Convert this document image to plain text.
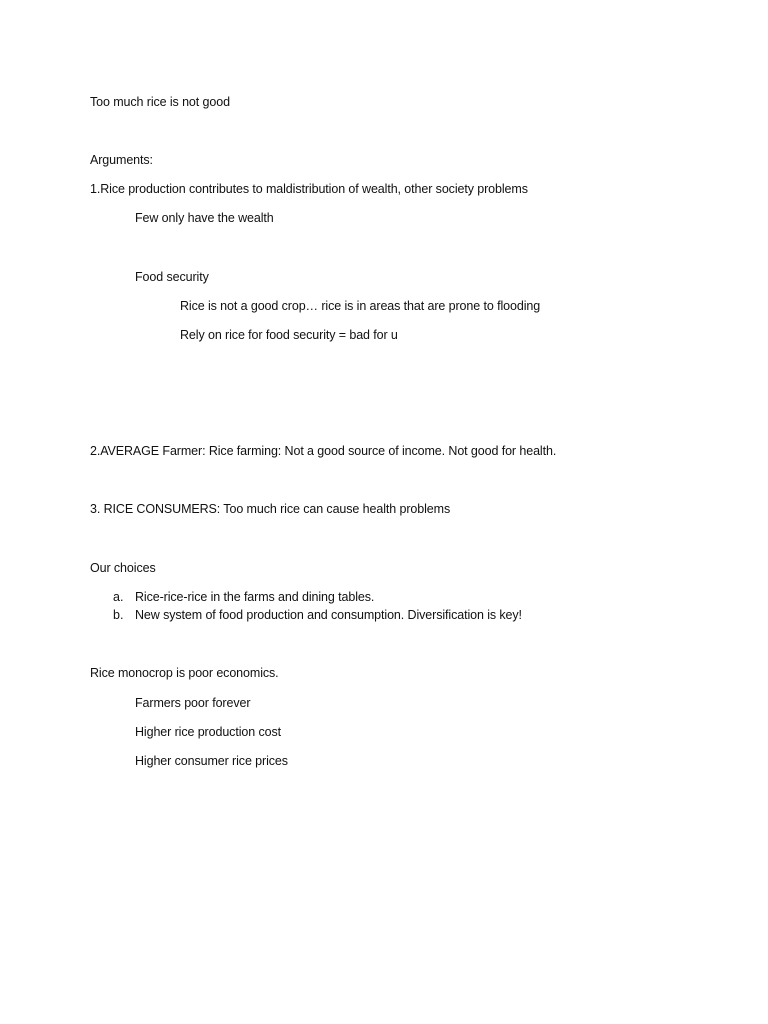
Too much rice is not good
Arguments:
1.Rice production contributes to maldistribution of wealth, other society problems
Few only have the wealth
Food security
Rice is not a good crop… rice is in areas that are prone to flooding
Rely on rice for food security = bad for u
2.AVERAGE Farmer: Rice farming: Not a good source of income. Not good for health.
3. RICE CONSUMERS: Too much rice can cause health problems
Our choices
a. Rice-rice-rice in the farms and dining tables.
b. New system of food production and consumption. Diversification is key!
Rice monocrop is poor economics.
Farmers poor forever
Higher rice production cost
Higher consumer rice prices
